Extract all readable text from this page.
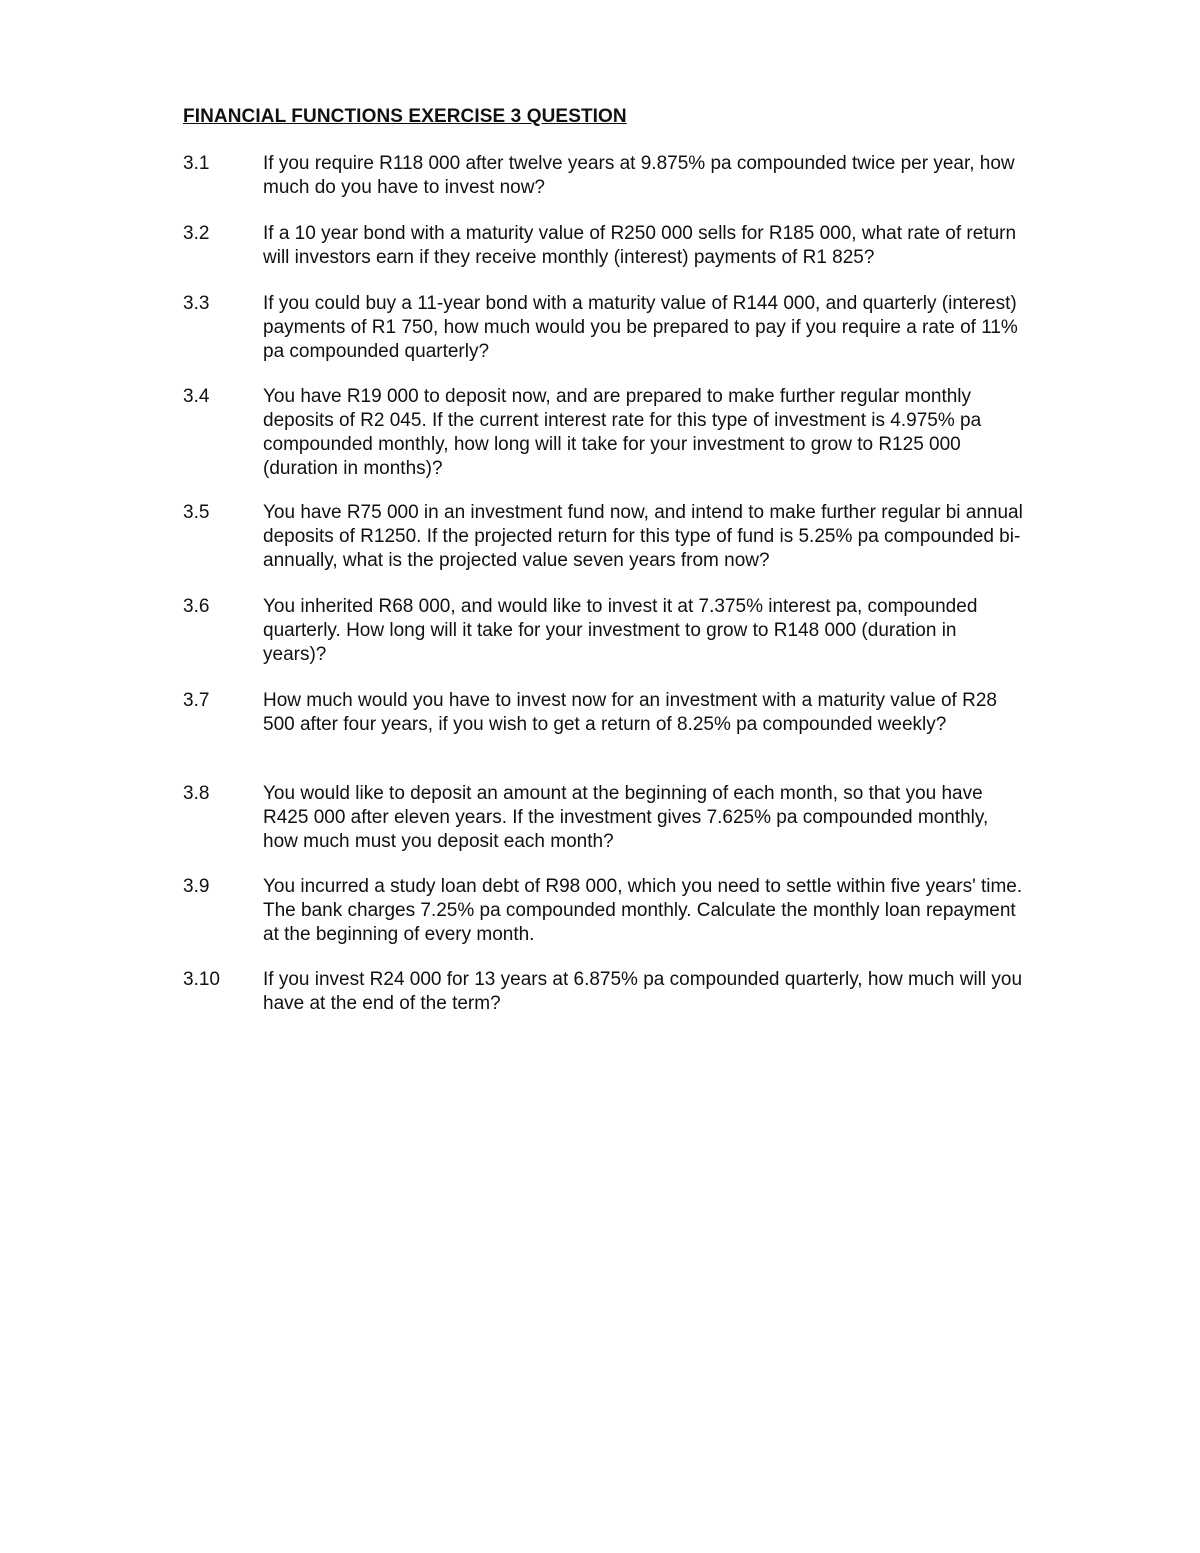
FINANCIAL FUNCTIONS EXERCISE 3 QUESTION
3.1	If you require R118 000 after twelve years at 9.875% pa compounded twice per year, how much do you have to invest now?
3.2	If a 10 year bond with a maturity value of R250 000 sells for R185 000, what rate of return will investors earn if they receive monthly (interest) payments of R1 825?
3.3	If you could buy a 11-year bond with a maturity value of R144 000, and quarterly (interest) payments of R1 750, how much would you be prepared to pay if you require a rate of 11% pa compounded quarterly?
3.4	You have R19 000 to deposit now, and are prepared to make further regular monthly deposits of R2 045. If the current interest rate for this type of investment is 4.975% pa compounded monthly, how long will it take for your investment to grow to R125 000 (duration in months)?
3.5	You have R75 000 in an investment fund now, and intend to make further regular bi annual deposits of R1250. If the projected return for this type of fund is 5.25% pa compounded bi- annually, what is the projected value seven years from now?
3.6	You inherited R68 000, and would like to invest it at 7.375% interest pa, compounded quarterly. How long will it take for your investment to grow to R148 000 (duration in years)?
3.7	How much would you have to invest now for an investment with a maturity value of R28 500 after four years, if you wish to get a return of 8.25% pa compounded weekly?
3.8	You would like to deposit an amount at the beginning of each month, so that you have R425 000 after eleven years. If the investment gives 7.625% pa compounded monthly, how much must you deposit each month?
3.9	You incurred a study loan debt of R98 000, which you need to settle within five years' time. The bank charges 7.25% pa compounded monthly. Calculate the monthly loan repayment at the beginning of every month.
3.10	If you invest R24 000 for 13 years at 6.875% pa compounded quarterly, how much will you have at the end of the term?
